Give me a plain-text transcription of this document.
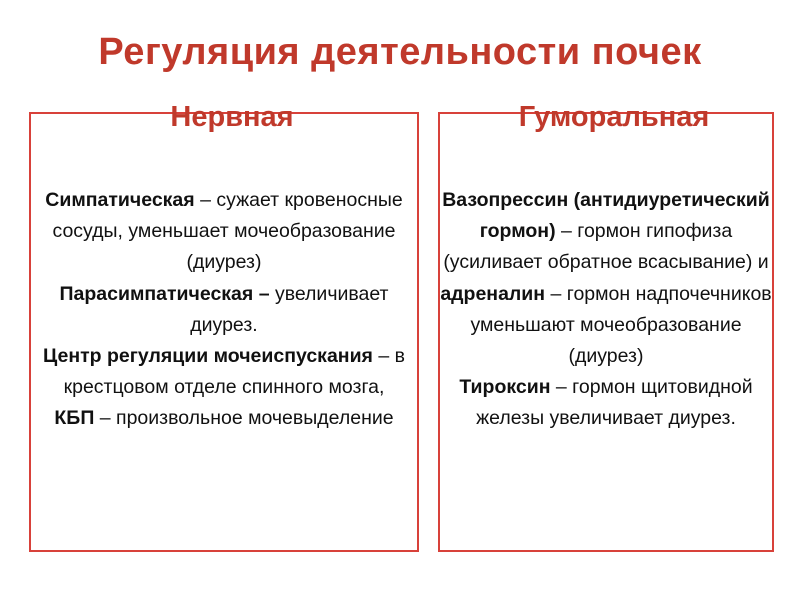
Регуляция деятельности почек
Нервная	Гуморальная

Симпатическая – сужает кровеносные сосуды, уменьшает мочеобразование (диурез)

Парасимпатическая – увеличивает диурез.

Центр регуляции мочеиспускания – в крестцовом отделе спинного мозга,

КБП – произвольное мочевыделение

Вазопрессин (антидиуретический гормон) – гормон гипофиза (усиливает обратное всасывание) и

адреналин – гормон надпочечников уменьшают мочеобразование (диурез)

Тироксин – гормон щитовидной железы увеличивает диурез.
